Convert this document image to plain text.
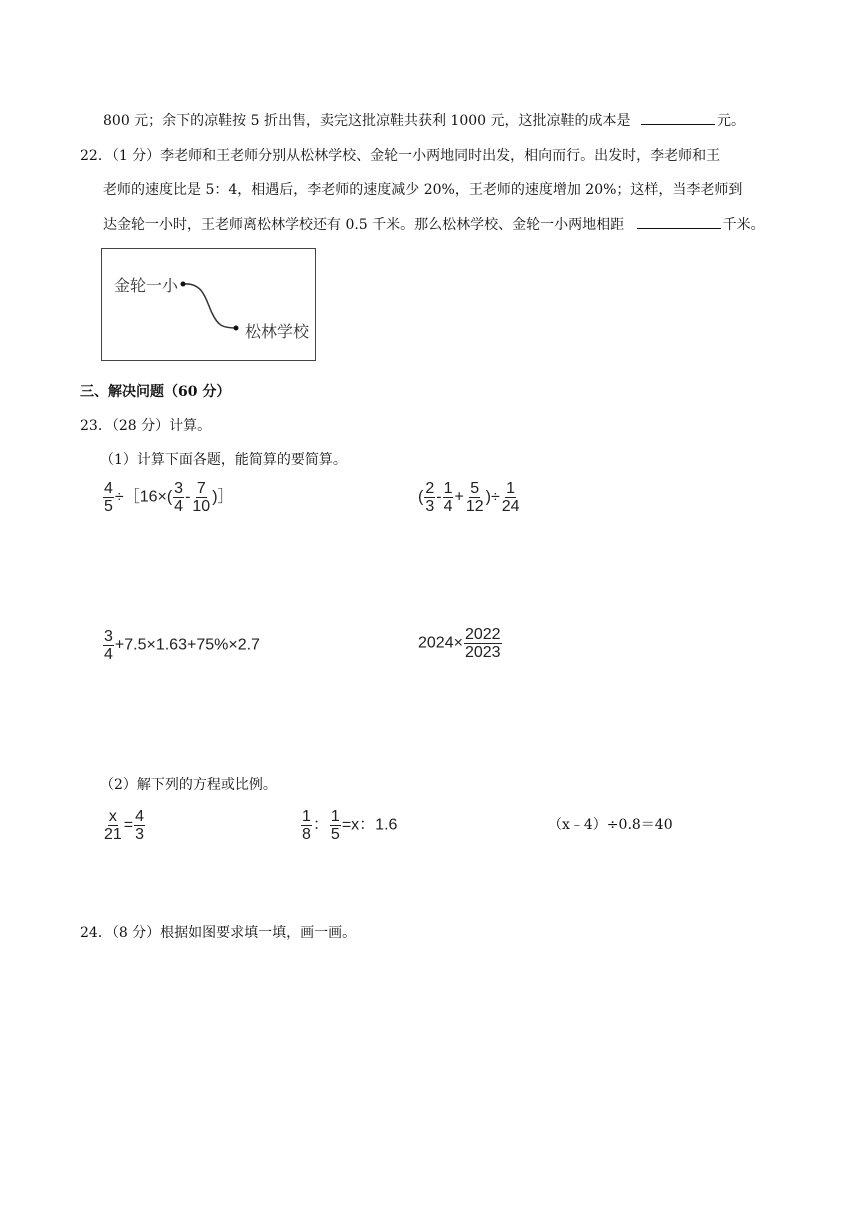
800 元；余下的凉鞋按 5 折出售，卖完这批凉鞋共获利 1000 元，这批凉鞋的成本是	元。
22．（1 分）李老师和王老师分别从松林学校、金轮一小两地同时出发，相向而行。出发时，李老师和王
老师的速度比是 5：4，相遇后，李老师的速度减少 20%，王老师的速度增加 20%；这样，当李老师到
达金轮一小时，王老师离松林学校还有 0.5 千米。那么松林学校、金轮一小两地相距	千米。
金轮一小
松林学校
三、解决问题（60 分）
23．（28 分）计算。
（1）计算下面各题，能简算的要简算。
$\frac{4}{5}$ ÷［16×( $\frac{3}{4} - \frac{7}{10}$ )］	( $\frac{2}{3} - \frac{1}{4} + \frac{5}{12}$ )÷ $\frac{1}{24}$
$\frac{3}{4} +7.5\times 1.63+75\%\times 2.7$	$2024\times \frac{2022}{2023}$
（2）解下列的方程或比例。
$\frac{x}{21} = \frac{4}{3}$	$\frac{1}{8}$ ： $\frac{1}{5} =x$：1.6	（x﹣4）÷0.8＝40
24．（8 分）根据如图要求填一填，画一画。
